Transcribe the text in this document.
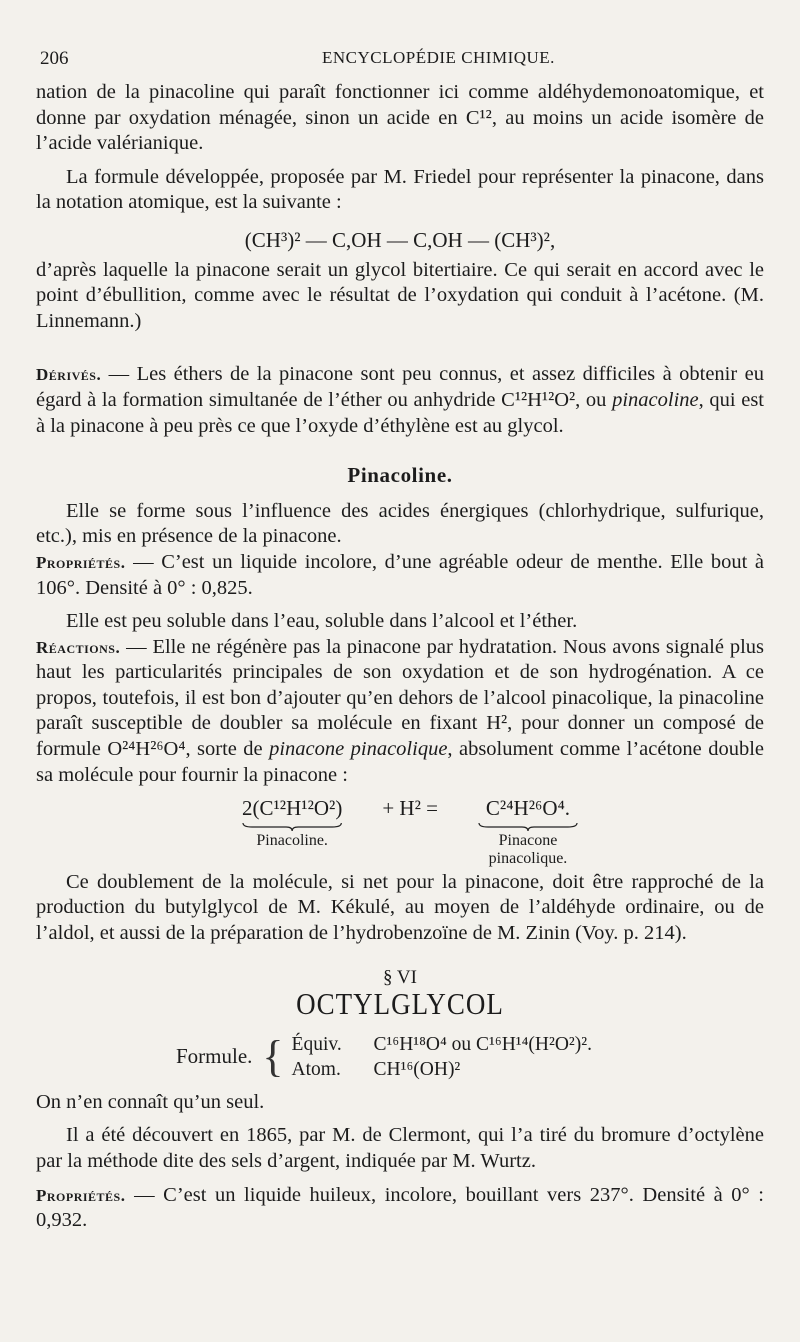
206	ENCYCLOPÉDIE CHIMIQUE.

nation de la pinacoline qui paraît fonctionner ici comme aldéhydemonoatomique, et donne par oxydation ménagée, sinon un acide en C¹², au moins un acide isomère de l’acide valérianique.

La formule développée, proposée par M. Friedel pour représenter la pinacone, dans la notation atomique, est la suivante :

(CH³)² — C,OH — C,OH — (CH³)²,

d’après laquelle la pinacone serait un glycol bitertiaire. Ce qui serait en accord avec le point d’ébullition, comme avec le résultat de l’oxydation qui conduit à l’acétone. (M. Linnemann.)

Dérivés. — Les éthers de la pinacone sont peu connus, et assez difficiles à obtenir eu égard à la formation simultanée de l’éther ou anhydride C¹²H¹²O², ou pinacoline, qui est à la pinacone à peu près ce que l’oxyde d’éthylène est au glycol.

Pinacoline.

Elle se forme sous l’influence des acides énergiques (chlorhydrique, sulfurique, etc.), mis en présence de la pinacone.

Propriétés. — C’est un liquide incolore, d’une agréable odeur de menthe. Elle bout à 106°. Densité à 0° : 0,825.

Elle est peu soluble dans l’eau, soluble dans l’alcool et l’éther.

Réactions. — Elle ne régénère pas la pinacone par hydratation. Nous avons signalé plus haut les particularités principales de son oxydation et de son hydrogénation. A ce propos, toutefois, il est bon d’ajouter qu’en dehors de l’alcool pinacolique, la pinacoline paraît susceptible de doubler sa molécule en fixant H², pour donner un composé de formule O²⁴H²⁶O⁴, sorte de pinacone pinacolique, absolument comme l’acétone double sa molécule pour fournir la pinacone :

2(C¹²H¹²O²)
Pinacoline.
+ H² = C²⁴H²⁶O⁴.
Pinacone
pinacolique.

Ce doublement de la molécule, si net pour la pinacone, doit être rapproché de la production du butylglycol de M. Kékulé, au moyen de l’aldéhyde ordinaire, ou de l’aldol, et aussi de la préparation de l’hydrobenzoïne de M. Zinin (Voy. p. 214).

§ VI
OCTYLGLYCOL
Formule. { Équiv. C¹⁶H¹⁸O⁴ ou C¹⁶H¹⁴(H²O²)².
Atom. CH¹⁶(OH)²

On n’en connaît qu’un seul.

Il a été découvert en 1865, par M. de Clermont, qui l’a tiré du bromure d’octylène par la méthode dite des sels d’argent, indiquée par M. Wurtz.

Propriétés. — C’est un liquide huileux, incolore, bouillant vers 237°. Densité à 0° : 0,932.
